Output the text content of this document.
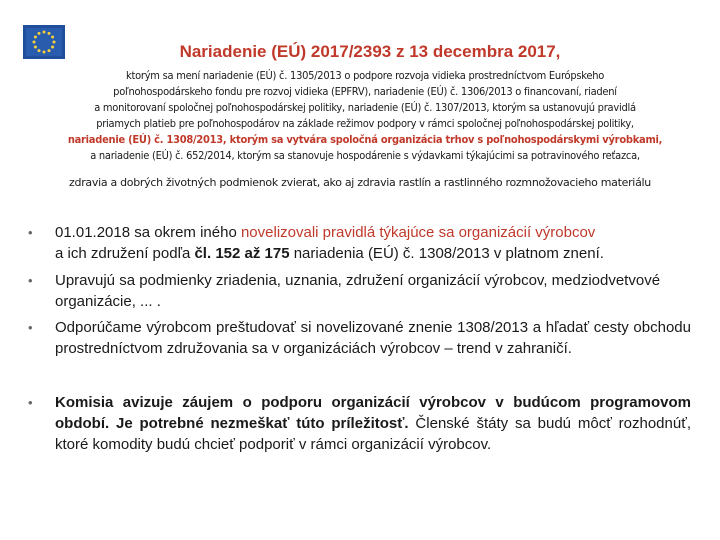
Nariadenie (EÚ) 2017/2393 z 13 decembra 2017,
ktorým sa mení nariadenie (EÚ) č. 1305/2013 o podpore rozvoja vidieka prostredníctvom Európskeho
poľnohospodárskeho fondu pre rozvoj vidieka (EPFRV), nariadenie (EÚ) č. 1306/2013 o financovaní, riadení
a monitorovaní spoločnej poľnohospodárskej politiky, nariadenie (EÚ) č. 1307/2013, ktorým sa ustanovujú pravidlá
priamych platieb pre poľnohospodárov na základe režimov podpory v rámci spoločnej poľnohospodárskej politiky,
nariadenie (EÚ) č. 1308/2013, ktorým sa vytvára spoločná organizácia trhov s poľnohospodárskymi výrobkami,
a nariadenie (EÚ) č. 652/2014, ktorým sa stanovuje hospodárenie s výdavkami týkajúcimi sa potravinového reťazca,
zdravia a dobrých životných podmienok zvierat, ako aj zdravia rastlín a rastlinného rozmnožovacieho materiálu
• 01.01.2018 sa okrem iného novelizovali pravidlá týkajúce sa organizácií výrobcov
a ich združení podľa čl. 152 až 175 nariadenia (EÚ) č. 1308/2013 v platnom znení.
• Upravujú sa podmienky zriadenia, uznania, združení organizácií výrobcov, medziodvetvové organizácie, ... .
• Odporúčame výrobcom preštudovať si novelizované znenie 1308/2013 a hľadať cesty obchodu prostredníctvom združovania sa v organizáciách výrobcov – trend v zahraničí.
• Komisia avizuje záujem o podporu organizácií výrobcov v budúcom programovom období. Je potrebné nezmeškať túto príležitosť. Členské štáty sa budú môcť rozhodnúť, ktoré komodity budú chcieť podporiť v rámci organizácií výrobcov.
